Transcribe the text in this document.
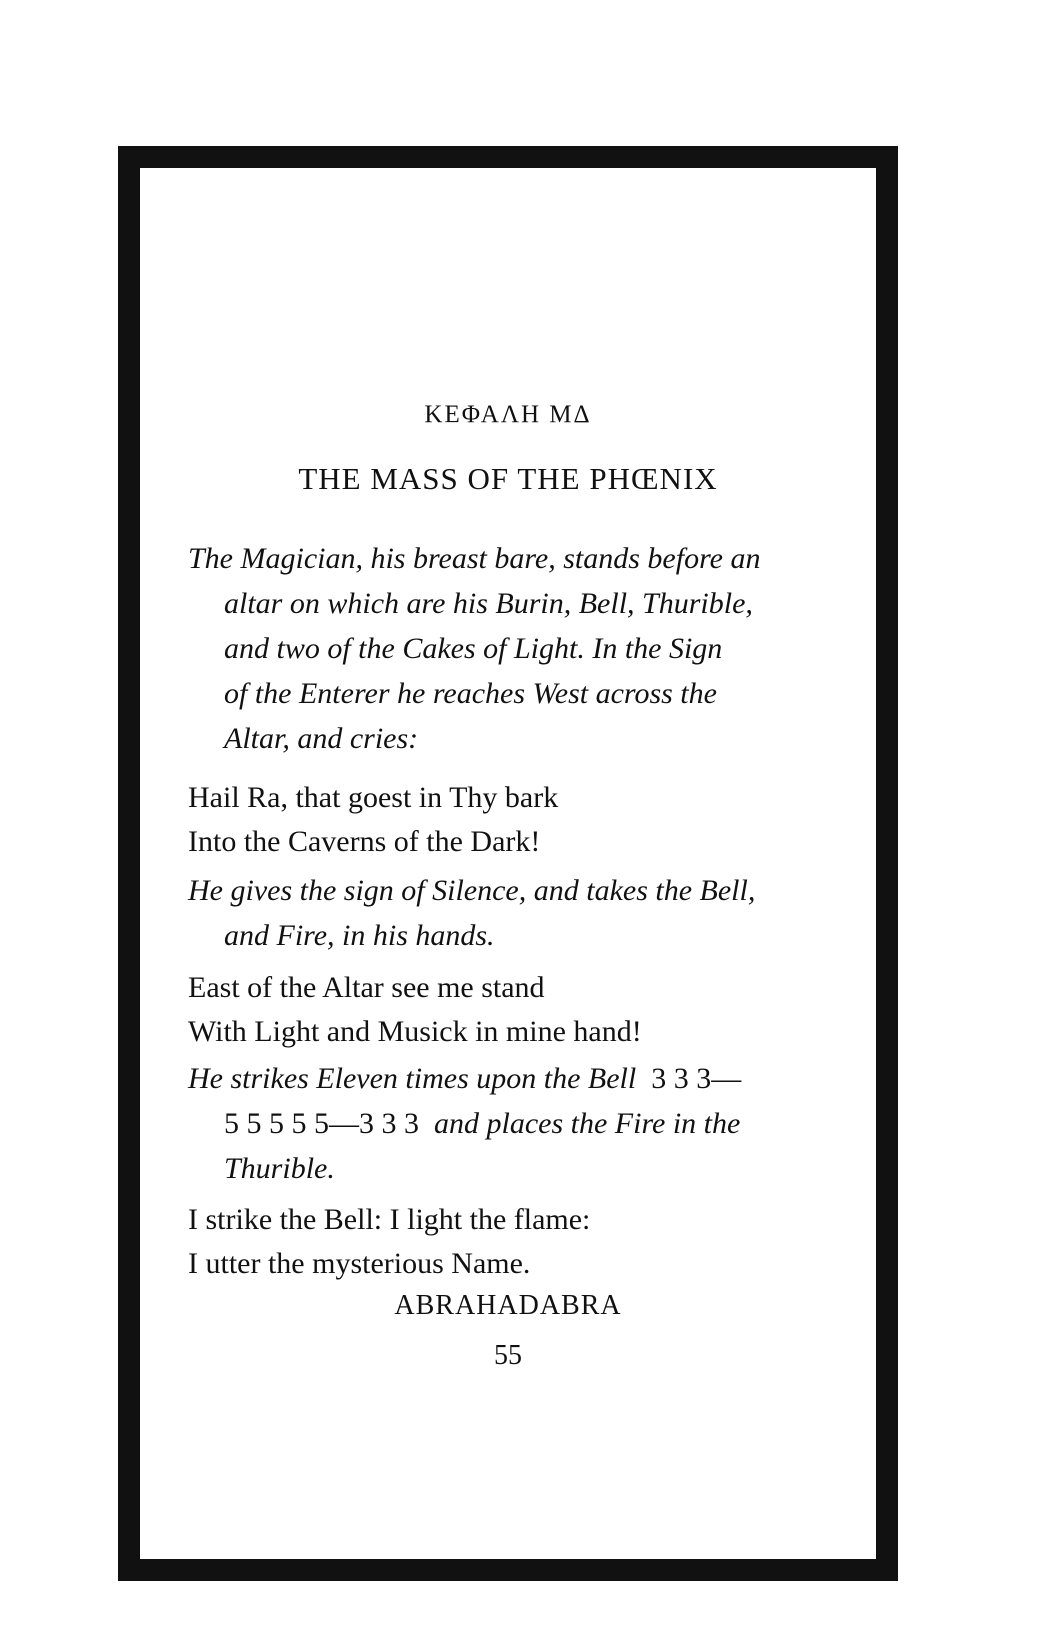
ΚΕΦΑΛΗ ΜΔ
THE MASS OF THE PHŒNIX
The Magician, his breast bare, stands before an
altar on which are his Burin, Bell, Thurible,
and two of the Cakes of Light. In the Sign
of the Enterer he reaches West across the
Altar, and cries:
Hail Ra, that goest in Thy bark
Into the Caverns of the Dark!
He gives the sign of Silence, and takes the Bell,
and Fire, in his hands.
East of the Altar see me stand
With Light and Musick in mine hand!
He strikes Eleven times upon the Bell 3 3 3—
5 5 5 5 5—3 3 3 and places the Fire in the
Thurible.
I strike the Bell: I light the flame:
I utter the mysterious Name.
ABRAHADABRA
55
